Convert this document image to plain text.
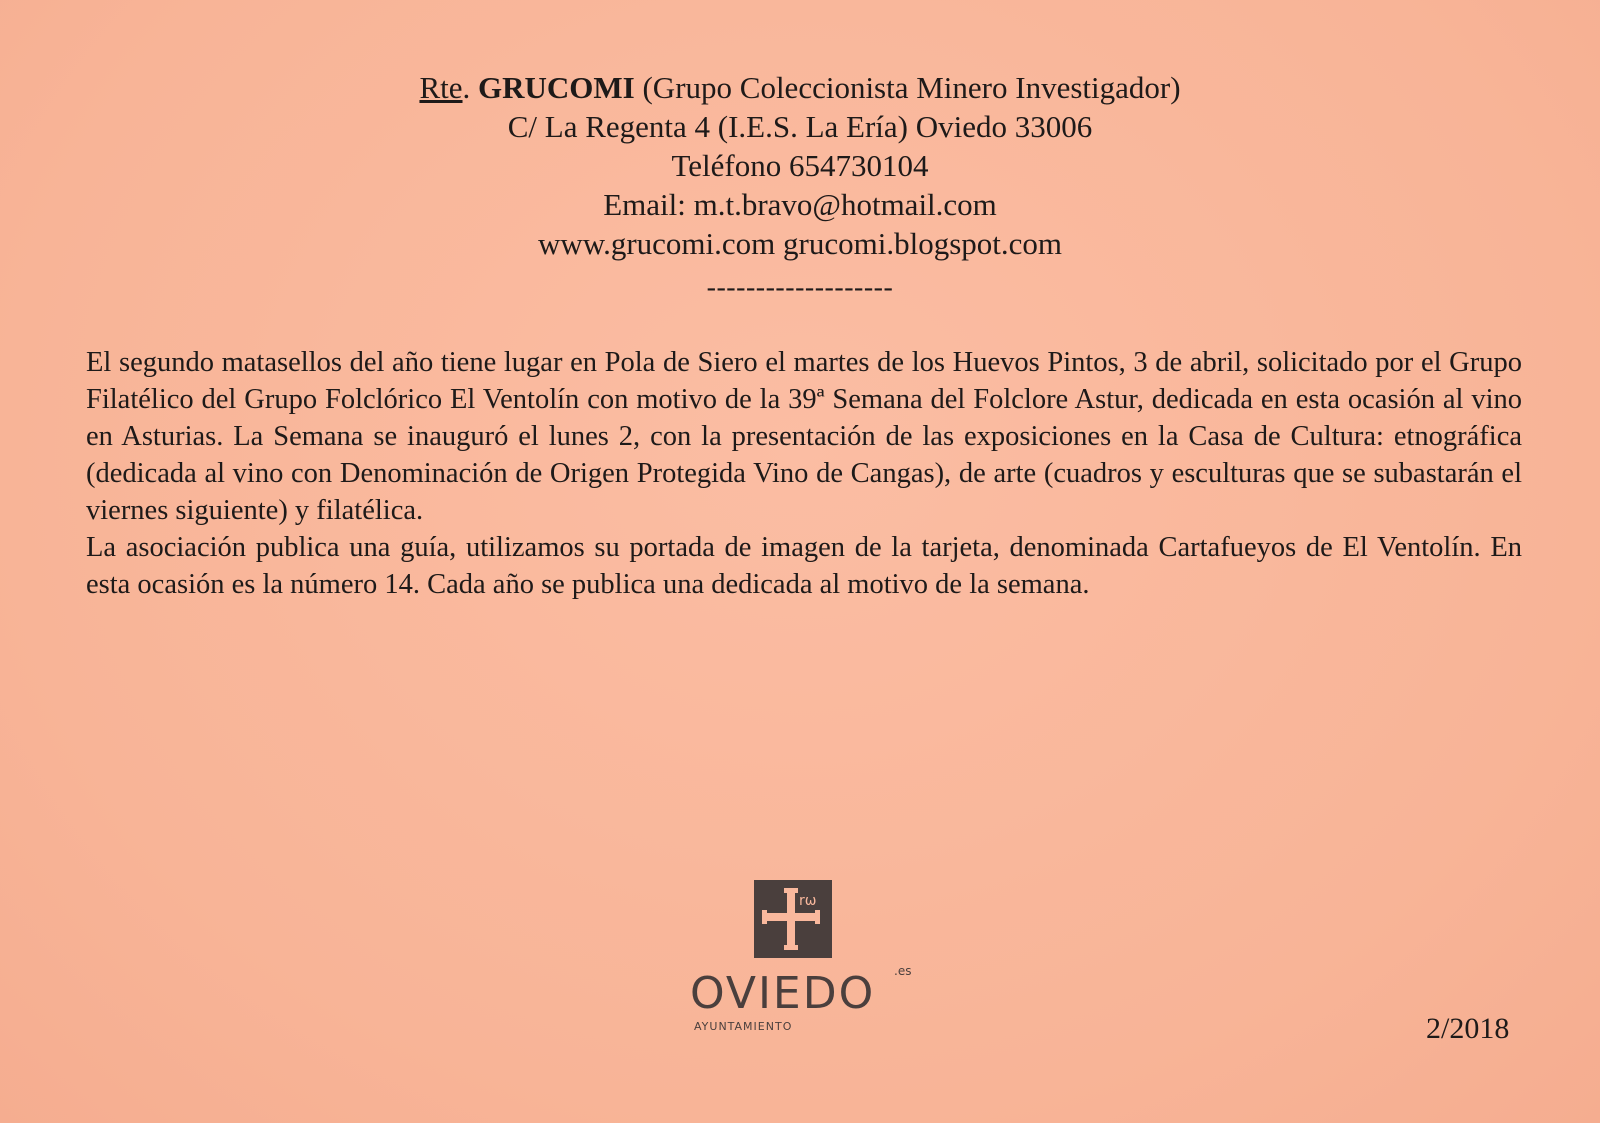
Rte. GRUCOMI (Grupo Coleccionista Minero Investigador)
C/ La Regenta 4 (I.E.S. La Ería) Oviedo 33006
Teléfono 654730104
Email: m.t.bravo@hotmail.com
www.grucomi.com grucomi.blogspot.com
-------------------

El segundo matasellos del año tiene lugar en Pola de Siero el martes de los Huevos Pintos, 3 de abril, solicitado por el Grupo Filatélico del Grupo Folclórico El Ventolín con motivo de la 39ª Semana del Folclore Astur, dedicada en esta ocasión al vino en Asturias. La Semana se inauguró el lunes 2, con la presentación de las exposiciones en la Casa de Cultura: etnográfica (dedicada al vino con Denominación de Origen Protegida Vino de Cangas), de arte (cuadros y esculturas que se subastarán el viernes siguiente) y filatélica.

La asociación publica una guía, utilizamos su portada de imagen de la tarjeta, denominada Cartafueyos de El Ventolín. En esta ocasión es la número 14. Cada año se publica una dedicada al motivo de la semana.

rω
OVIEDO .es
AYUNTAMIENTO	2/2018
